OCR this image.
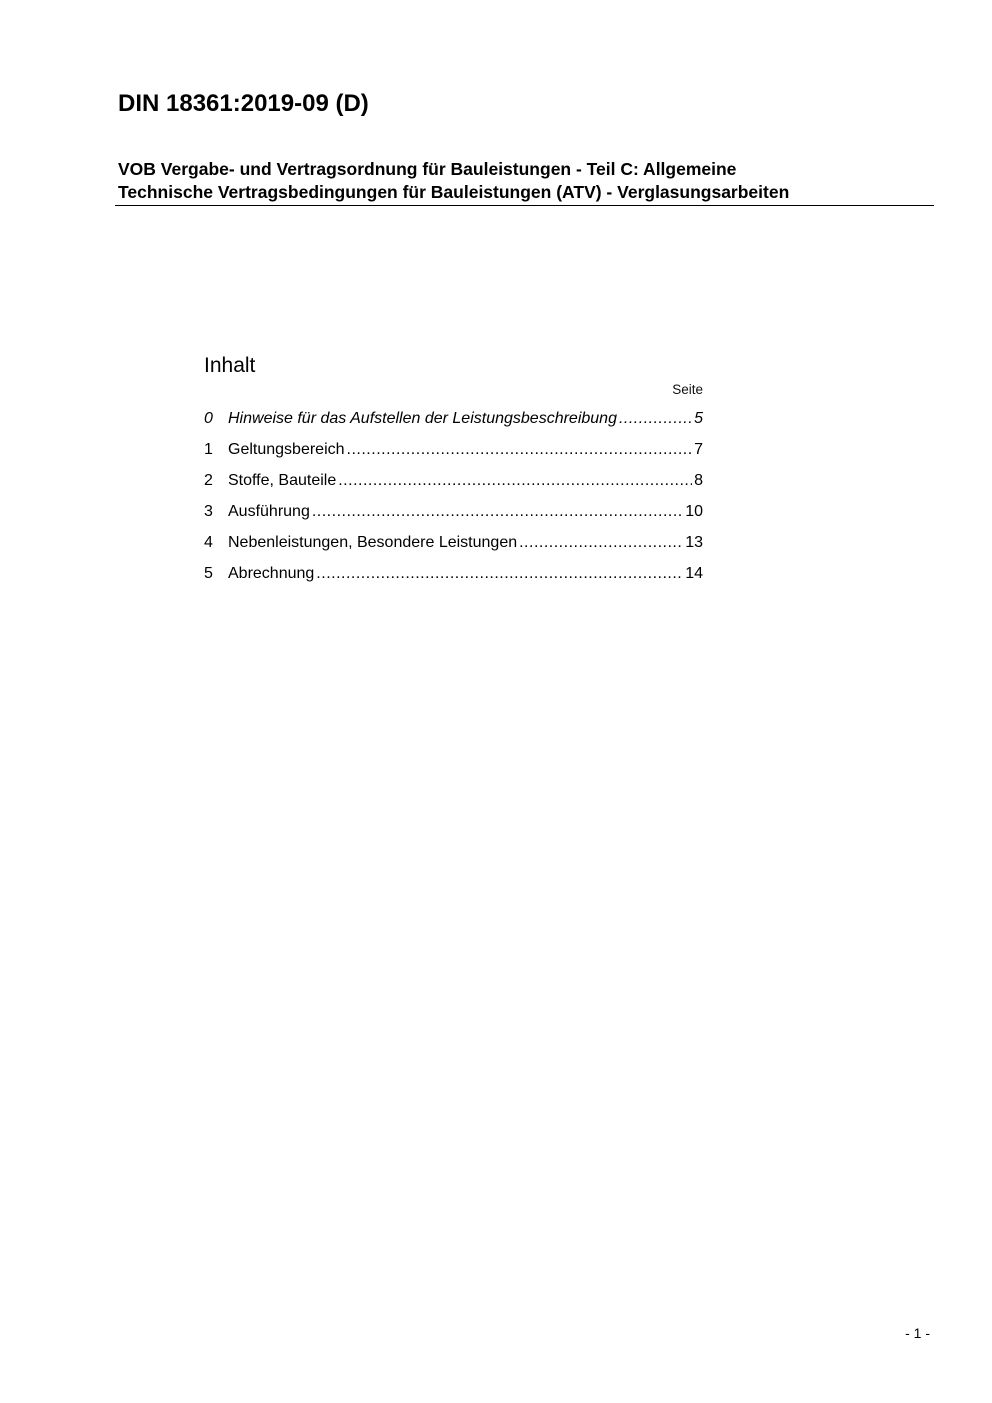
DIN 18361:2019-09 (D)
VOB Vergabe- und Vertragsordnung für Bauleistungen - Teil C: Allgemeine
Technische Vertragsbedingungen für Bauleistungen (ATV) - Verglasungsarbeiten
Inhalt
Seite
0 Hinweise für das Aufstellen der Leistungsbeschreibung .....	5
1 Geltungsbereich .....	7
2 Stoffe, Bauteile .....	8
3 Ausführung .....	10
4 Nebenleistungen, Besondere Leistungen .....	13
5 Abrechnung .....	14
- 1 -
